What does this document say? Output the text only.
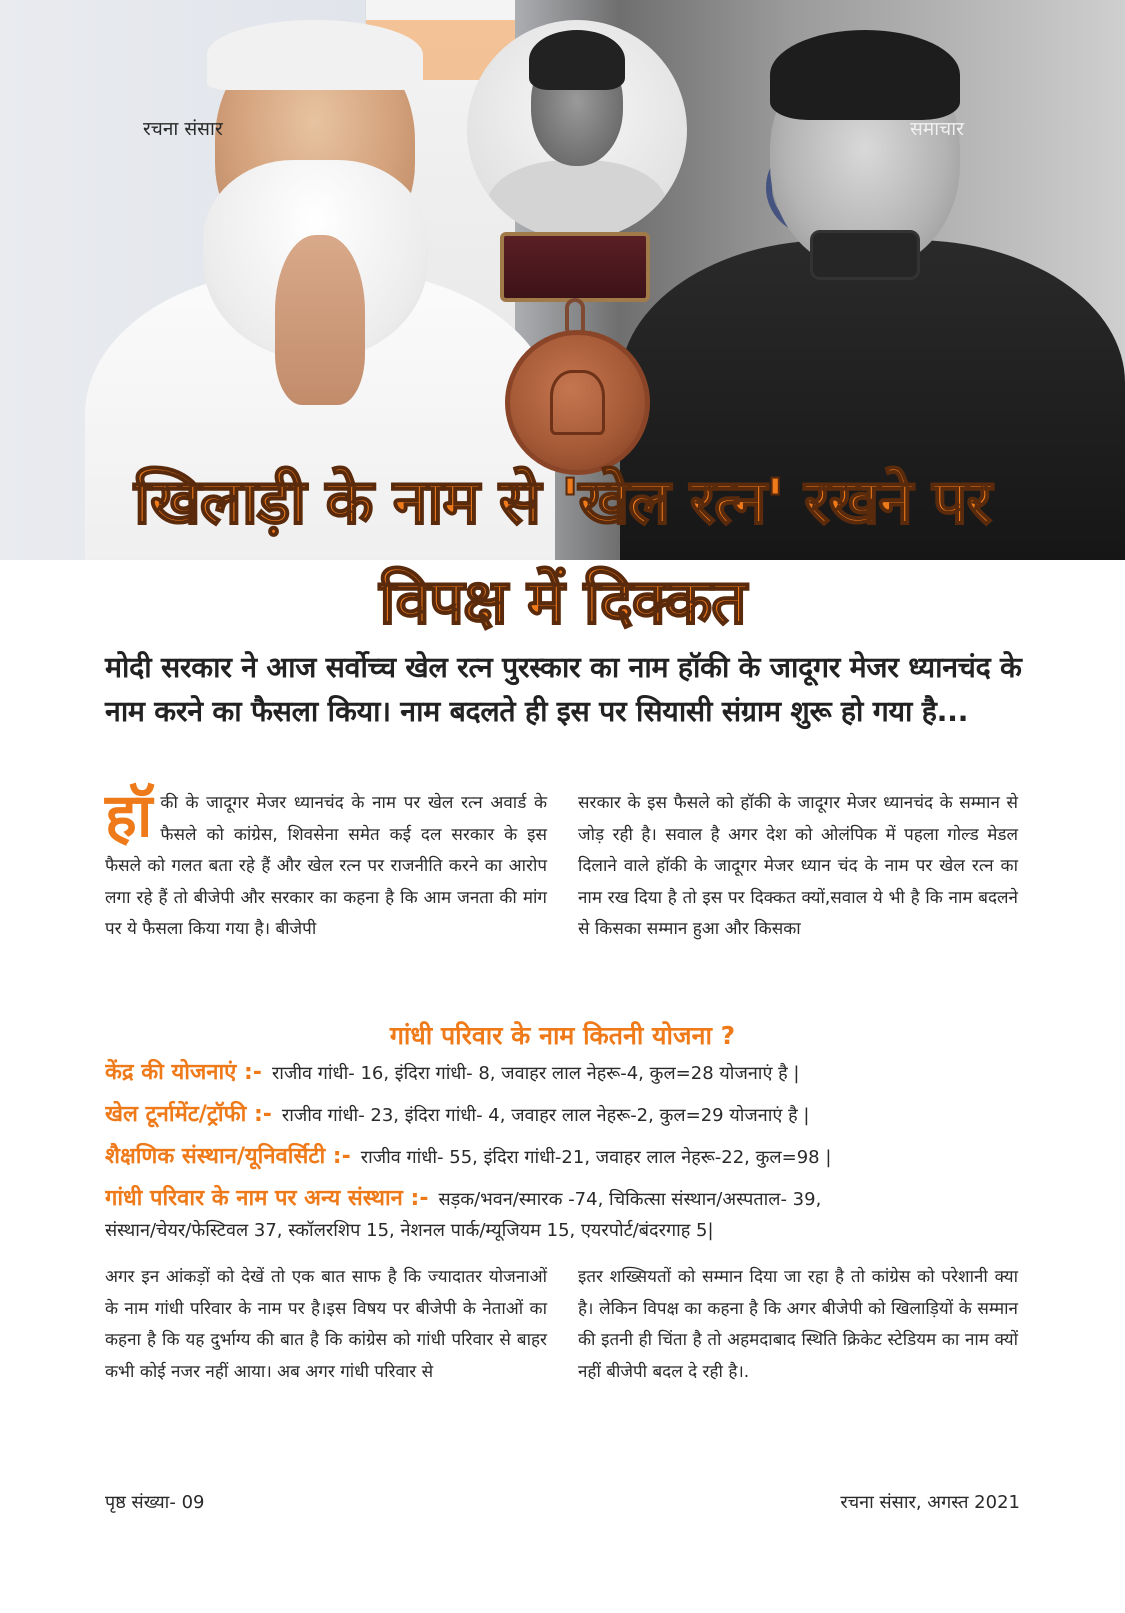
रचना संसार	समाचार
खिलाड़ी के नाम से 'खेल रत्न' रखने पर
विपक्ष में दिक्कत
मोदी सरकार ने आज सर्वोच्च खेल रत्न पुरस्कार का नाम हॉकी के जादूगर मेजर ध्यानचंद के नाम करने का फैसला किया। नाम बदलते ही इस पर सियासी संग्राम शुरू हो गया है...
हॉ की के जादूगर मेजर ध्यानचंद के नाम पर खेल रत्न अवार्ड के फैसले को कांग्रेस, शिवसेना समेत कई दल सरकार के इस फैसले को गलत बता रहे हैं और खेल रत्न पर राजनीति करने का आरोप लगा रहे हैं तो बीजेपी और सरकार का कहना है कि आम जनता की मांग पर ये फैसला किया गया है। बीजेपी
सरकार के इस फैसले को हॉकी के जादूगर मेजर ध्यानचंद के सम्मान से जोड़ रही है। सवाल है अगर देश को ओलंपिक में पहला गोल्ड मेडल दिलाने वाले हॉकी के जादूगर मेजर ध्यान चंद के नाम पर खेल रत्न का नाम रख दिया है तो इस पर दिक्कत क्यों,सवाल ये भी है कि नाम बदलने से किसका सम्मान हुआ और किसका
गांधी परिवार के नाम कितनी योजना ?
केंद्र की योजनाएं :- राजीव गांधी- 16, इंदिरा गांधी- 8, जवाहर लाल नेहरू-4, कुल=28 योजनाएं है |
खेल टूर्नामेंट/ट्रॉफी :- राजीव गांधी- 23, इंदिरा गांधी- 4, जवाहर लाल नेहरू-2, कुल=29 योजनाएं है |
शैक्षणिक संस्थान/यूनिवर्सिटी :- राजीव गांधी- 55, इंदिरा गांधी-21, जवाहर लाल नेहरू-22, कुल=98 |
गांधी परिवार के नाम पर अन्य संस्थान :- सड़क/भवन/स्मारक -74, चिकित्सा संस्थान/अस्पताल- 39,
संस्थान/चेयर/फेस्टिवल 37, स्कॉलरशिप 15, नेशनल पार्क/म्यूजियम 15, एयरपोर्ट/बंदरगाह 5|
अगर इन आंकड़ों को देखें तो एक बात साफ है कि ज्यादातर योजनाओं के नाम गांधी परिवार के नाम पर है।इस विषय पर बीजेपी के नेताओं का कहना है कि यह दुर्भाग्य की बात है कि कांग्रेस को गांधी परिवार से बाहर कभी कोई नजर नहीं आया। अब अगर गांधी परिवार से
इतर शख्सियतों को सम्मान दिया जा रहा है तो कांग्रेस को परेशानी क्या है। लेकिन विपक्ष का कहना है कि अगर बीजेपी को खिलाड़ियों के सम्मान की इतनी ही चिंता है तो अहमदाबाद स्थिति क्रिकेट स्टेडियम का नाम क्यों नहीं बीजेपी बदल दे रही है।.
पृष्ठ संख्या- 09	रचना संसार, अगस्त 2021
